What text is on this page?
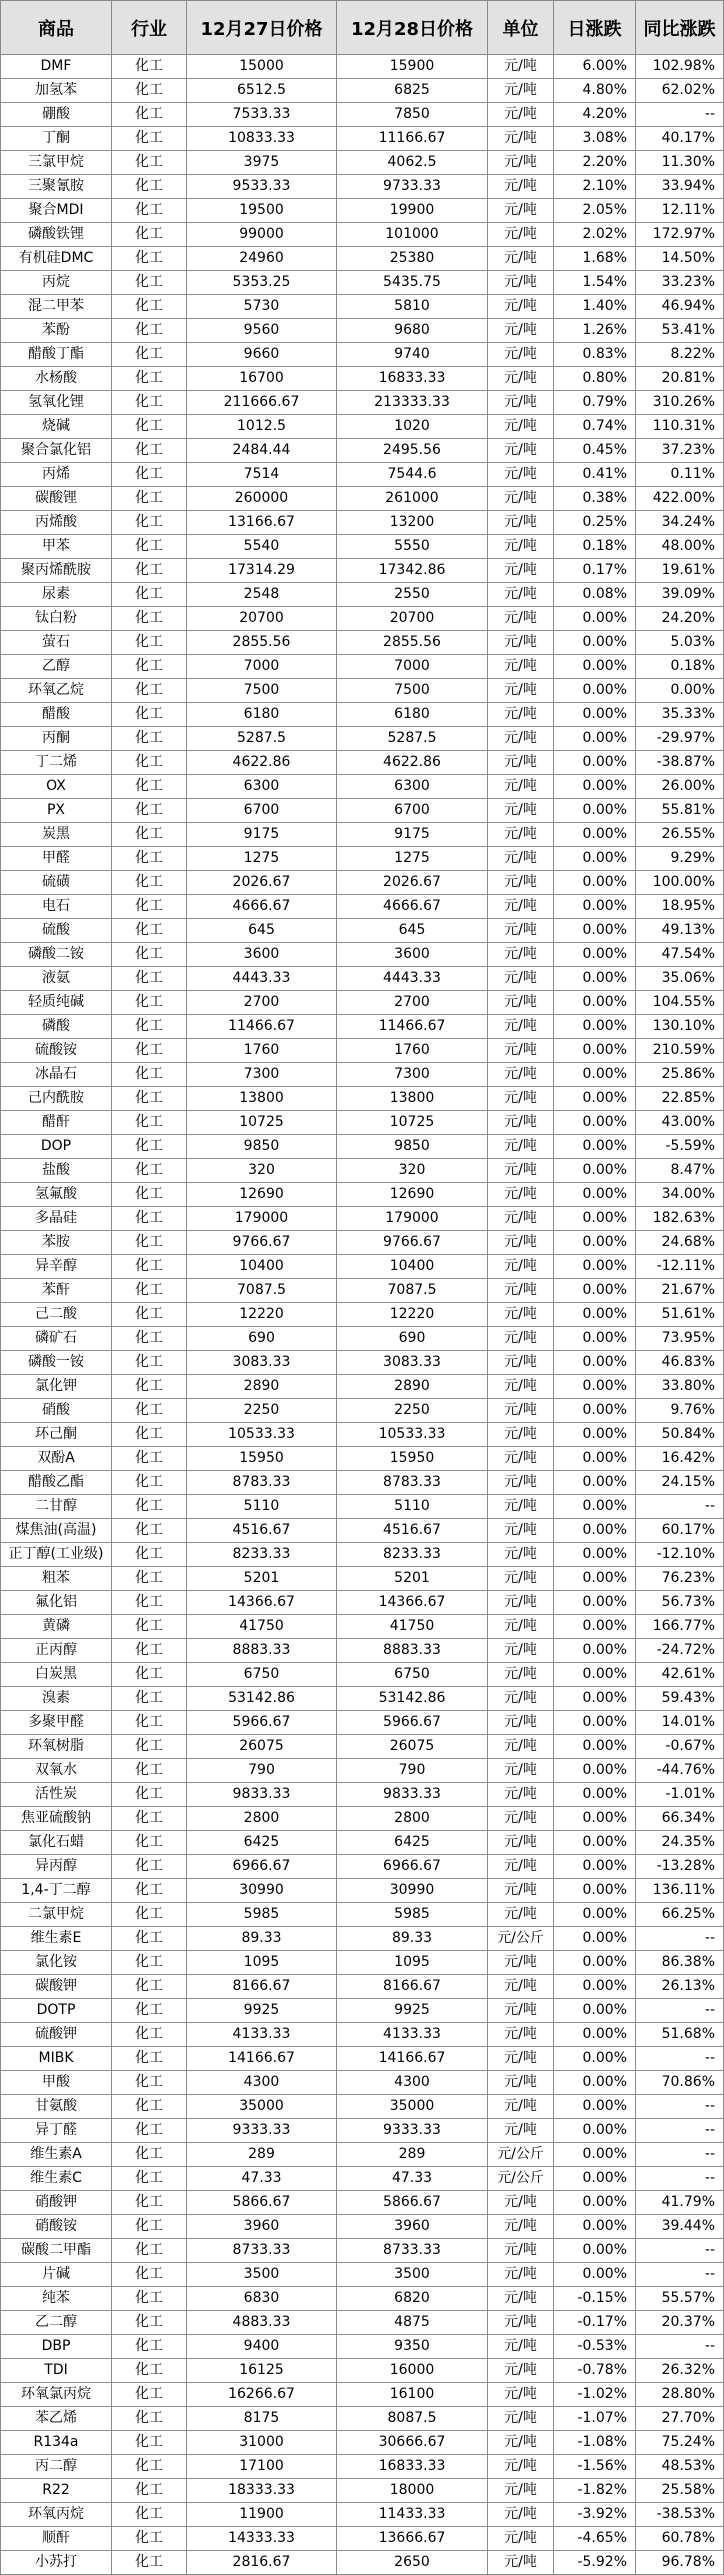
商品	行业	12月27日价格	12月28日价格	单位	日涨跌	同比涨跌
DMF	化工	15000	15900	元/吨	6.00%	102.98%
加氢苯	化工	6512.5	6825	元/吨	4.80%	62.02%
硼酸	化工	7533.33	7850	元/吨	4.20%	--
丁酮	化工	10833.33	11166.67	元/吨	3.08%	40.17%
三氯甲烷	化工	3975	4062.5	元/吨	2.20%	11.30%
三聚氰胺	化工	9533.33	9733.33	元/吨	2.10%	33.94%
聚合MDI	化工	19500	19900	元/吨	2.05%	12.11%
磷酸铁锂	化工	99000	101000	元/吨	2.02%	172.97%
有机硅DMC	化工	24960	25380	元/吨	1.68%	14.50%
丙烷	化工	5353.25	5435.75	元/吨	1.54%	33.23%
混二甲苯	化工	5730	5810	元/吨	1.40%	46.94%
苯酚	化工	9560	9680	元/吨	1.26%	53.41%
醋酸丁酯	化工	9660	9740	元/吨	0.83%	8.22%
水杨酸	化工	16700	16833.33	元/吨	0.80%	20.81%
氢氧化锂	化工	211666.67	213333.33	元/吨	0.79%	310.26%
烧碱	化工	1012.5	1020	元/吨	0.74%	110.31%
聚合氯化铝	化工	2484.44	2495.56	元/吨	0.45%	37.23%
丙烯	化工	7514	7544.6	元/吨	0.41%	0.11%
碳酸锂	化工	260000	261000	元/吨	0.38%	422.00%
丙烯酸	化工	13166.67	13200	元/吨	0.25%	34.24%
甲苯	化工	5540	5550	元/吨	0.18%	48.00%
聚丙烯酰胺	化工	17314.29	17342.86	元/吨	0.17%	19.61%
尿素	化工	2548	2550	元/吨	0.08%	39.09%
钛白粉	化工	20700	20700	元/吨	0.00%	24.20%
萤石	化工	2855.56	2855.56	元/吨	0.00%	5.03%
乙醇	化工	7000	7000	元/吨	0.00%	0.18%
环氧乙烷	化工	7500	7500	元/吨	0.00%	0.00%
醋酸	化工	6180	6180	元/吨	0.00%	35.33%
丙酮	化工	5287.5	5287.5	元/吨	0.00%	-29.97%
丁二烯	化工	4622.86	4622.86	元/吨	0.00%	-38.87%
OX	化工	6300	6300	元/吨	0.00%	26.00%
PX	化工	6700	6700	元/吨	0.00%	55.81%
炭黑	化工	9175	9175	元/吨	0.00%	26.55%
甲醛	化工	1275	1275	元/吨	0.00%	9.29%
硫磺	化工	2026.67	2026.67	元/吨	0.00%	100.00%
电石	化工	4666.67	4666.67	元/吨	0.00%	18.95%
硫酸	化工	645	645	元/吨	0.00%	49.13%
磷酸二铵	化工	3600	3600	元/吨	0.00%	47.54%
液氨	化工	4443.33	4443.33	元/吨	0.00%	35.06%
轻质纯碱	化工	2700	2700	元/吨	0.00%	104.55%
磷酸	化工	11466.67	11466.67	元/吨	0.00%	130.10%
硫酸铵	化工	1760	1760	元/吨	0.00%	210.59%
冰晶石	化工	7300	7300	元/吨	0.00%	25.86%
己内酰胺	化工	13800	13800	元/吨	0.00%	22.85%
醋酐	化工	10725	10725	元/吨	0.00%	43.00%
DOP	化工	9850	9850	元/吨	0.00%	-5.59%
盐酸	化工	320	320	元/吨	0.00%	8.47%
氢氟酸	化工	12690	12690	元/吨	0.00%	34.00%
多晶硅	化工	179000	179000	元/吨	0.00%	182.63%
苯胺	化工	9766.67	9766.67	元/吨	0.00%	24.68%
异辛醇	化工	10400	10400	元/吨	0.00%	-12.11%
苯酐	化工	7087.5	7087.5	元/吨	0.00%	21.67%
己二酸	化工	12220	12220	元/吨	0.00%	51.61%
磷矿石	化工	690	690	元/吨	0.00%	73.95%
磷酸一铵	化工	3083.33	3083.33	元/吨	0.00%	46.83%
氯化钾	化工	2890	2890	元/吨	0.00%	33.80%
硝酸	化工	2250	2250	元/吨	0.00%	9.76%
环己酮	化工	10533.33	10533.33	元/吨	0.00%	50.84%
双酚A	化工	15950	15950	元/吨	0.00%	16.42%
醋酸乙酯	化工	8783.33	8783.33	元/吨	0.00%	24.15%
二甘醇	化工	5110	5110	元/吨	0.00%	--
煤焦油(高温)	化工	4516.67	4516.67	元/吨	0.00%	60.17%
正丁醇(工业级)	化工	8233.33	8233.33	元/吨	0.00%	-12.10%
粗苯	化工	5201	5201	元/吨	0.00%	76.23%
氟化铝	化工	14366.67	14366.67	元/吨	0.00%	56.73%
黄磷	化工	41750	41750	元/吨	0.00%	166.77%
正丙醇	化工	8883.33	8883.33	元/吨	0.00%	-24.72%
白炭黑	化工	6750	6750	元/吨	0.00%	42.61%
溴素	化工	53142.86	53142.86	元/吨	0.00%	59.43%
多聚甲醛	化工	5966.67	5966.67	元/吨	0.00%	14.01%
环氧树脂	化工	26075	26075	元/吨	0.00%	-0.67%
双氧水	化工	790	790	元/吨	0.00%	-44.76%
活性炭	化工	9833.33	9833.33	元/吨	0.00%	-1.01%
焦亚硫酸钠	化工	2800	2800	元/吨	0.00%	66.34%
氯化石蜡	化工	6425	6425	元/吨	0.00%	24.35%
异丙醇	化工	6966.67	6966.67	元/吨	0.00%	-13.28%
1,4-丁二醇	化工	30990	30990	元/吨	0.00%	136.11%
二氯甲烷	化工	5985	5985	元/吨	0.00%	66.25%
维生素E	化工	89.33	89.33	元/公斤	0.00%	--
氯化铵	化工	1095	1095	元/吨	0.00%	86.38%
碳酸钾	化工	8166.67	8166.67	元/吨	0.00%	26.13%
DOTP	化工	9925	9925	元/吨	0.00%	--
硫酸钾	化工	4133.33	4133.33	元/吨	0.00%	51.68%
MIBK	化工	14166.67	14166.67	元/吨	0.00%	--
甲酸	化工	4300	4300	元/吨	0.00%	70.86%
甘氨酸	化工	35000	35000	元/吨	0.00%	--
异丁醛	化工	9333.33	9333.33	元/吨	0.00%	--
维生素A	化工	289	289	元/公斤	0.00%	--
维生素C	化工	47.33	47.33	元/公斤	0.00%	--
硝酸钾	化工	5866.67	5866.67	元/吨	0.00%	41.79%
硝酸铵	化工	3960	3960	元/吨	0.00%	39.44%
碳酸二甲酯	化工	8733.33	8733.33	元/吨	0.00%	--
片碱	化工	3500	3500	元/吨	0.00%	--
纯苯	化工	6830	6820	元/吨	-0.15%	55.57%
乙二醇	化工	4883.33	4875	元/吨	-0.17%	20.37%
DBP	化工	9400	9350	元/吨	-0.53%	--
TDI	化工	16125	16000	元/吨	-0.78%	26.32%
环氧氯丙烷	化工	16266.67	16100	元/吨	-1.02%	28.80%
苯乙烯	化工	8175	8087.5	元/吨	-1.07%	27.70%
R134a	化工	31000	30666.67	元/吨	-1.08%	75.24%
丙二醇	化工	17100	16833.33	元/吨	-1.56%	48.53%
R22	化工	18333.33	18000	元/吨	-1.82%	25.58%
环氧丙烷	化工	11900	11433.33	元/吨	-3.92%	-38.53%
顺酐	化工	14333.33	13666.67	元/吨	-4.65%	60.78%
小苏打	化工	2816.67	2650	元/吨	-5.92%	96.78%
